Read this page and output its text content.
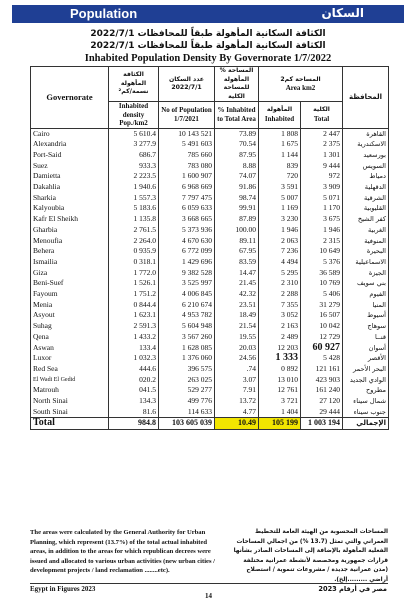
Population	السكان
الكثافة السكانية المأهولة طبقاً للمحافظات 2022/7/1
الكثافة السكانية المأهولة طبقاً للمحافظات 2022/7/1
Inhabited Population Density By Governorate 1/7/2022
Governorate	الكثافة المأهولة نسمة/كم²	عدد السكان 2022/7/1	% المساحة المأهولة للمساحة الكلية	المساحة كم2
Area km2		المحافظة

	Inhabited density Pop./km2	No of Population 1/7/2021	% Inhabited to Total Area	المأهولة
Inhabited	الكلية
Total	

Cairo	5 610.4	10 143 521	73.89	1 808	2 447	القاهرة
Alexandria	3 277.9	5 491 603	70.54	1 675	2 375	الاسكندرية
Port-Said	686.7	785 660	87.95	1 144	1 301	بورسعيد
Suez	933.3	783 080	8.88	839	9 444	السويس
Damietta	2 223.5	1 600 907	74.07	720	972	دمياط
Dakahlia	1 940.6	6 968 669	91.86	3 591	3 909	الدقهلية
Sharkia	1 557.3	7 797 475	98.74	5 007	5 071	الشرقية
Kalyoubia	5 183.6	6 059 633	99.91	1 169	1 170	القليوبية
Kafr El Sheikh	1 135.8	3 668 665	87.89	3 230	3 675	كفر الشيخ
Gharbia	2 761.5	5 373 936	100.00	1 946	1 946	الغربية
Menoufia	2 264.0	4 670 630	89.11	2 063	2 315	المنوفية
Behera	0 935.9	6 772 099	67.95	7 236	10 649	البحيرة
Ismailia	0 318.1	1 429 696	83.59	4 494	5 376	الاسماعيلية
Giza	1 772.0	9 382 528	14.47	5 295	36 589	الجيزة
Beni-Suef	1 526.1	3 525 997	21.45	2 310	10 769	بني سويف
Fayoum	1 751.2	4 006 845	42.32	2 288	5 406	الفيوم
Menia	0 844.4	6 210 674	23.51	7 355	31 279	المنيا
Asyout	1 623.1	4 953 782	18.49	3 052	16 507	أسيوط
Suhag	2 591.3	5 604 948	21.54	2 163	10 042	سوهاج
Qena	1 433.2	3 567 260	19.55	2 489	12 729	قنــا
Aswan	133.4	1 628 085	20.03	12 203	60 927	أسوان
Luxor	1 032.3	1 376 060	24.56	1 333	5 428	الأقصر
Red Sea	444.6	396 575	.74	0 892	121 161	البحر الأحمر
El Wadi El Gedid	020.2	263 025	3.07	13 010	423 903	الوادي الجديد
Matrouh	041.5	529 277	7.91	12 761	161 240	مطروح
North Sinai	134.3	499 776	13.72	3 721	27 120	شمال سيناء
South Sinai	81.6	114 633	4.77	1 404	29 444	جنوب سيناء
Total	984.8	103 605 039	10.49	105 199	1 003 194	الإجمالي
The areas were calculated by the General Authority for Urban Planning, which represent (13.7%) of the total actual inhabited areas, in addition to the areas for which republican decrees were issued and allocated to various urban activities (new urban cities / development projects / land reclamation ........etc).
المساحات المحسوبة من الهيئة العامة للتخطيط العمراني والتي تمثل (13.7 %) من اجمالي المساحات الفعلية المأهولة بالإضافة إلى المساحات الصادر بشأنها قرارات جمهورية ومخصصة لأنشطة عمرانية مختلفة (مدن عمرانية جديدة / مشروعات تنموية / استصلاح أراضي .........إلخ).
Egypt in Figures 2023	مصر في أرقام 2023
14
